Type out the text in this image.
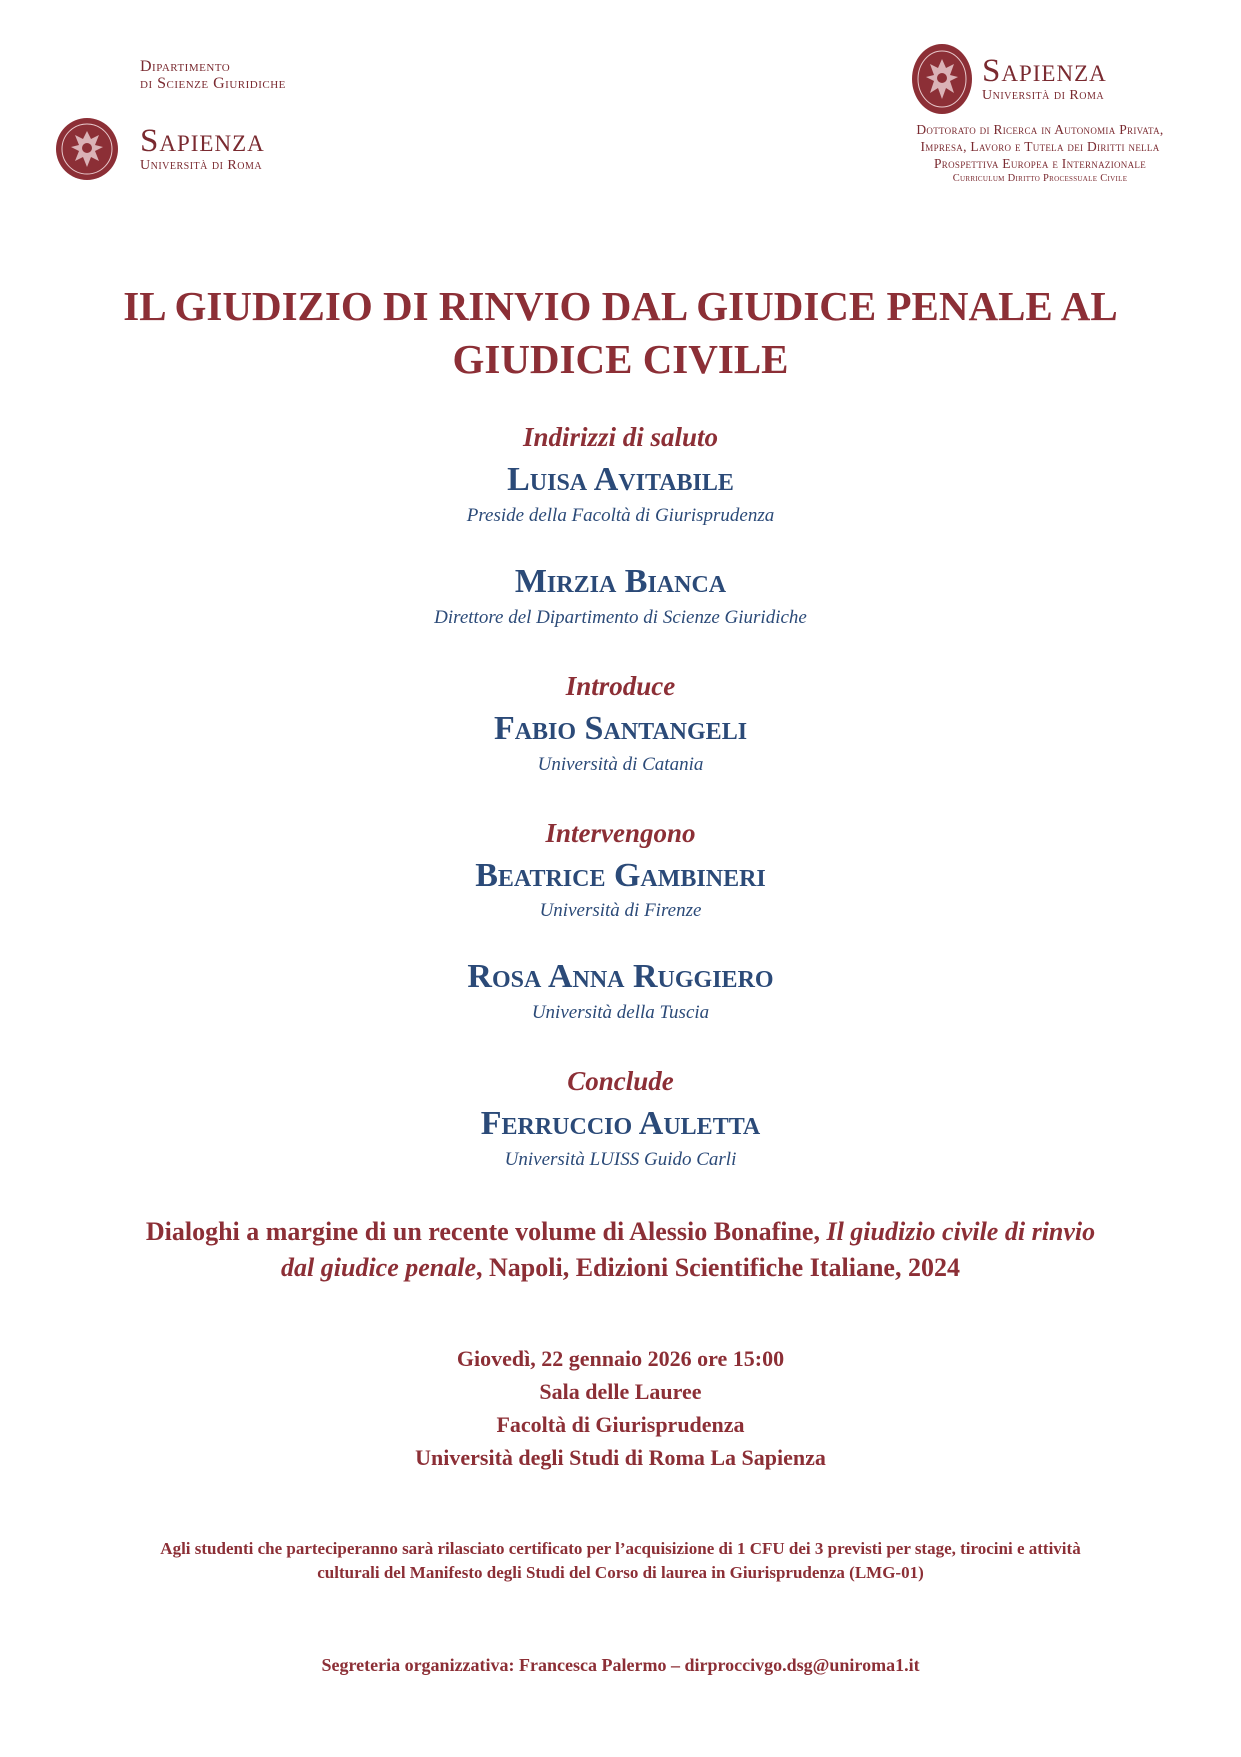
Dipartimento
di Scienze Giuridiche
Sapienza
Università di Roma
Sapienza
Università di Roma
Dottorato di Ricerca in Autonomia Privata,
Impresa, Lavoro e Tutela dei Diritti nella
Prospettiva Europea e Internazionale
Curriculum Diritto Processuale Civile
IL GIUDIZIO DI RINVIO DAL GIUDICE PENALE AL
GIUDICE CIVILE
Indirizzi di saluto
Luisa Avitabile
Preside della Facoltà di Giurisprudenza
Mirzia Bianca
Direttore del Dipartimento di Scienze Giuridiche
Introduce
Fabio Santangeli
Università di Catania
Intervengono
Beatrice Gambineri
Università di Firenze
Rosa Anna Ruggiero
Università della Tuscia
Conclude
Ferruccio Auletta
Università LUISS Guido Carli
Dialoghi a margine di un recente volume di Alessio Bonafine, Il giudizio civile di rinvio
dal giudice penale, Napoli, Edizioni Scientifiche Italiane, 2024
Giovedì, 22 gennaio 2026 ore 15:00
Sala delle Lauree
Facoltà di Giurisprudenza
Università degli Studi di Roma La Sapienza
Agli studenti che parteciperanno sarà rilasciato certificato per l’acquisizione di 1 CFU dei 3 previsti per stage, tirocini e attività
culturali del Manifesto degli Studi del Corso di laurea in Giurisprudenza (LMG-01)
Segreteria organizzativa: Francesca Palermo – dirproccivgo.dsg@uniroma1.it
